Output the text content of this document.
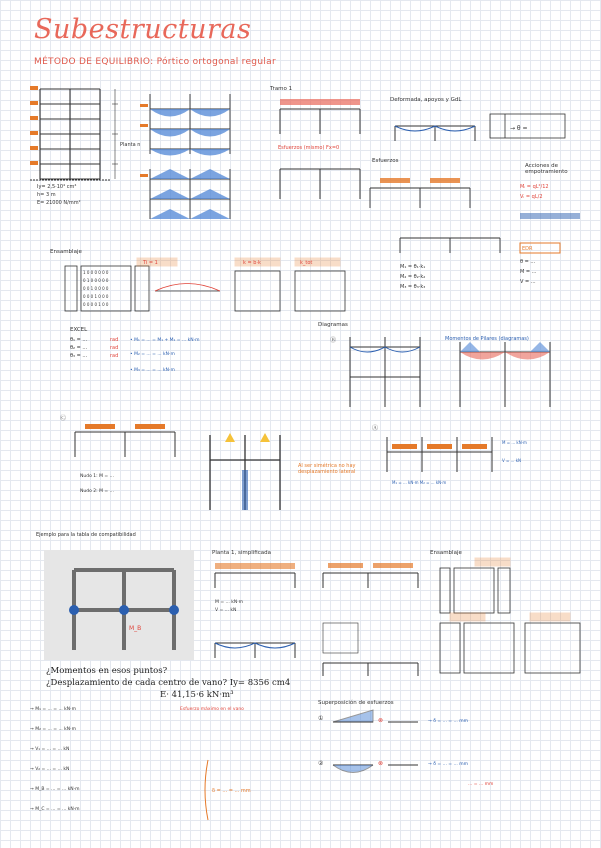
Subestructuras
MÉTODO DE EQUILIBRIO: Pórtico ortogonal regular
Planta n
Iy= 2,5·10⁴ cm⁴
h= 3 m
E= 21000 N/mm²
Tramo 1
Esfuerzos (mismo) Fx=0
Deformada, apoyos y GdL
→ θ =
Esfuerzos
Acciones de empotramiento
M₁ = θ₁·k₁
M₂ = θ₂·k₂
M₃ = θ₃·k₃
Mᵢ = qL²/12
Vᵢ = qL/2
EDR
θ = ...
M = ...
V = ...
Ensamblaje
1 0 0 0 0 0 0
0 1 0 0 0 0 0
0 0 1 0 0 0 0
0 0 0 1 0 0 0
0 0 0 0 1 0 0
Ti = 1	k = b·k	k_tot
EXCEL
θ₁ = ...
θ₂ = ...
θ₃ = ...
rad
rad
rad
• M₁ = ... = M₁ + M₁ = ... kN·m
• M₂ = ... = ... kN·m
• M₃ = ... = ... kN·m
Diagramas
Ⓑ	Momentos de Pilares (diagramas)
Ⓒ
Nudo 1: M = ...
Nudo 2: M = ...
Al ser simétrica no hay desplazamiento lateral
Ⓐ
M = ... kN·m
V = ... kN
M₁ = ... kN·m M₂ = ... kN·m
Ejemplo para la tabla de compatibilidad
M_B
Planta 1, simplificada
M = ... kN·m
V = ... kN
Ensamblaje
¿Momentos en esos puntos?
¿Desplazamiento de cada centro de vano? Iy= 8356 cm4
E· 41,15·6 kN·m³
→ M₁ = ... = ... kN·m
→ M₂ = ... = ... kN·m
→ V₁ = ... = ... kN
→ V₂ = ... = ... kN
→ M_B = ... = ... kN·m
→ M_C = ... = ... kN·m
Esfuerzo máximo en el vano
δ = ... = ... mm
Superposición de esfuerzos
①	⊗	→ δ = ... = ... mm
②	⊗	→ δ = ... = ... mm
... = ... mm
